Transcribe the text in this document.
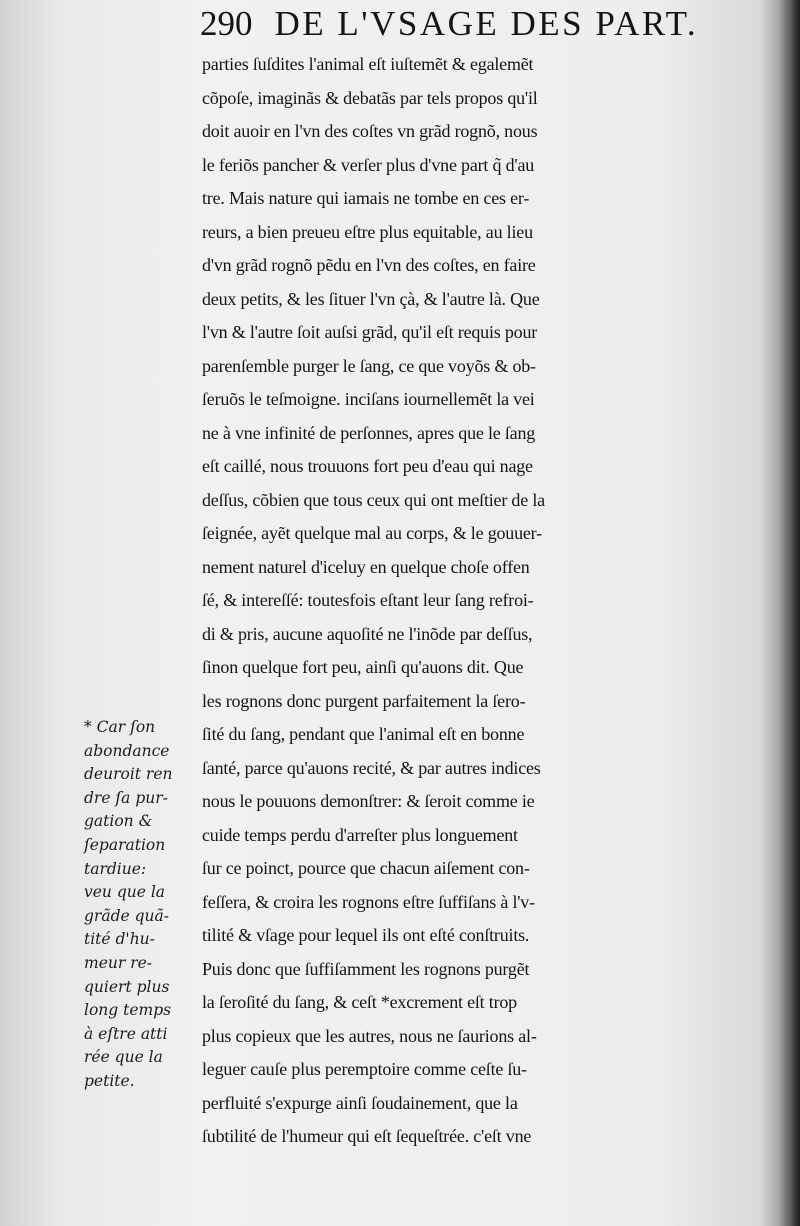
290 DE L'VSAGE DES PART.
parties ſuſdites l'animal eſt iuſtemẽt & egalemẽt
cõpoſe, imaginãs & debatãs par tels propos qu'il
doit auoir en l'vn des coſtes vn grãd rognõ, nous
le feriõs pancher & verſer plus d'vne part q̃ d'au
tre. Mais nature qui iamais ne tombe en ces er-
reurs, a bien preueu eſtre plus equitable, au lieu
d'vn grãd rognõ pẽdu en l'vn des coſtes, en faire
deux petits, & les ſituer l'vn çà, & l'autre là. Que
l'vn & l'autre ſoit auſsi grãd, qu'il eſt requis pour
parenſemble purger le ſang, ce que voyõs & ob-
ſeruõs le teſmoigne. inciſans iournellemẽt la vei
ne à vne infinité de perſonnes, apres que le ſang
eſt caillé, nous trouuons fort peu d'eau qui nage
deſſus, cõbien que tous ceux qui ont meſtier de la
ſeignée, ayẽt quelque mal au corps, & le gouuer-
nement naturel d'iceluy en quelque choſe offen
ſé, & intereſſé: toutesfois eſtant leur ſang refroi-
di & pris, aucune aquoſité ne l'inõde par deſſus,
ſinon quelque fort peu, ainſi qu'auons dit. Que
les rognons donc purgent parfaitement la ſero-
ſité du ſang, pendant que l'animal eſt en bonne
ſanté, parce qu'auons recité, & par autres indices
nous le pouuons demonſtrer: & ſeroit comme ie
cuide temps perdu d'arreſter plus longuement
ſur ce poinct, pource que chacun aiſement con-
feſſera, & croira les rognons eſtre ſuffiſans à l'v-
tilité & vſage pour lequel ils ont eſté conſtruits.
Puis donc que ſuffiſamment les rognons purgẽt
la ſeroſité du ſang, & ceſt *excrement eſt trop
plus copieux que les autres, nous ne ſaurions al-
leguer cauſe plus peremptoire comme ceſte ſu-
perfluité s'expurge ainſi ſoudainement, que la
ſubtilité de l'humeur qui eſt ſequeſtrée. c'eſt vne
* Car ſon
abondance
deuroit ren
dre ſa pur-
gation &
ſeparation
tardiue:
veu que la
grãde quã-
tité d'hu-
meur re-
quiert plus
long temps
à eſtre atti
rée que la
petite.
